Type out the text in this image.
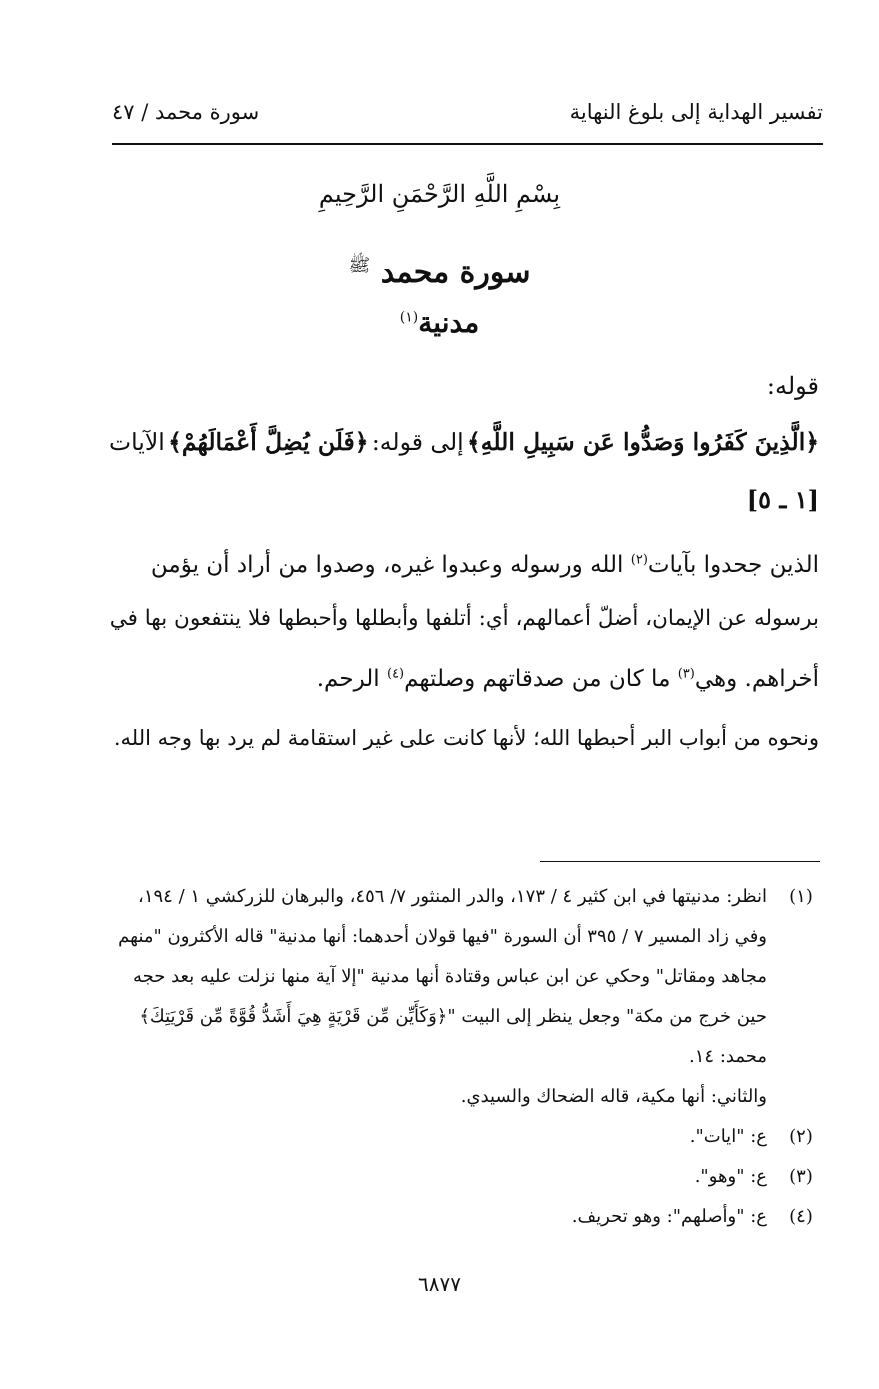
تفسير الهداية إلى بلوغ النهاية
سورة محمد / ٤٧
بِسْمِ اللَّهِ الرَّحْمَنِ الرَّحِيمِ
سورة محمد $^ﷺ$
مدنية$^{(١)}$
قوله:
﴿الَّذِينَ كَفَرُوا وَصَدُّوا عَن سَبِيلِ اللَّهِ﴾
إلى قوله:
﴿فَلَن يُضِلَّ أَعْمَالَهُمْ﴾
الآيات
[١ ـ ٥]
الذين جحدوا بآيات$^{(٢)}$ الله ورسوله وعبدوا غيره، وصدوا من أراد أن يؤمن
برسوله عن الإيمان، أضلّ أعمالهم، أي: أتلفها وأبطلها وأحبطها فلا ينتفعون بها في
أخراهم. وهي$^{(٣)}$ ما كان من صدقاتهم وصلتهم$^{(٤)}$ الرحم.
ونحوه من أبواب البر أحبطها الله؛ لأنها كانت على غير استقامة لم يرد بها وجه الله.
(١)
انظر: مدنيتها في ابن كثير ٤ / ١٧٣، والدر المنثور ٧/ ٤٥٦، والبرهان للزركشي ١ / ١٩٤،
وفي زاد المسير ٧ / ٣٩٥ أن السورة "فيها قولان أحدهما: أنها مدنية" قاله الأكثرون "منهم
مجاهد ومقاتل" وحكي عن ابن عباس وقتادة أنها مدنية "إلا آية منها نزلت عليه بعد حجه
حين خرج من مكة" وجعل ينظر إلى البيت "﴿وَكَأَيِّن مِّن قَرْيَةٍ هِيَ أَشَدُّ قُوَّةً مِّن قَرْيَتِكَ﴾
محمد: ١٤.
والثاني: أنها مكية، قاله الضحاك والسيدي.
(٢)
ع: "ايات".
(٣)
ع: "وهو".
(٤)
ع: "وأصلهم": وهو تحريف.
٦٨٧٧
